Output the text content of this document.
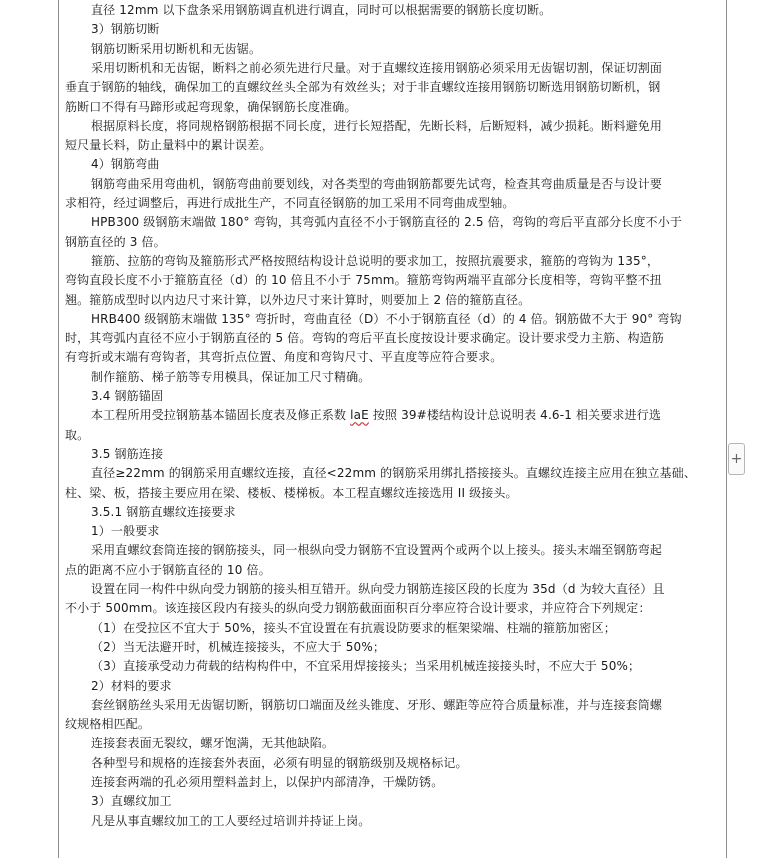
直径 12mm 以下盘条采用钢筋调直机进行调直，同时可以根据需要的钢筋长度切断。
3）钢筋切断
钢筋切断采用切断机和无齿锯。
采用切断机和无齿锯，断料之前必须先进行尺量。对于直螺纹连接用钢筋必须采用无齿锯切割，保证切割面
垂直于钢筋的轴线，确保加工的直螺纹丝头全部为有效丝头；对于非直螺纹连接用钢筋切断选用钢筋切断机，钢
筋断口不得有马蹄形或起弯现象，确保钢筋长度准确。
根据原料长度，将同规格钢筋根据不同长度，进行长短搭配，先断长料，后断短料，减少损耗。断料避免用
短尺量长料，防止量料中的累计误差。
4）钢筋弯曲
钢筋弯曲采用弯曲机，钢筋弯曲前要划线，对各类型的弯曲钢筋都要先试弯，检查其弯曲质量是否与设计要
求相符，经过调整后，再进行成批生产，不同直径钢筋的加工采用不同弯曲成型轴。
HPB300 级钢筋末端做 180° 弯钩，其弯弧内直径不小于钢筋直径的 2.5 倍，弯钩的弯后平直部分长度不小于
钢筋直径的 3 倍。
箍筋、拉筋的弯钩及箍筋形式严格按照结构设计总说明的要求加工，按照抗震要求，箍筋的弯钩为 135°，
弯钩直段长度不小于箍筋直径（d）的 10 倍且不小于 75mm。箍筋弯钩两端平直部分长度相等，弯钩平整不扭
翘。箍筋成型时以内边尺寸来计算，以外边尺寸来计算时，则要加上 2 倍的箍筋直径。
HRB400 级钢筋末端做 135° 弯折时，弯曲直径（D）不小于钢筋直径（d）的 4 倍。钢筋做不大于 90° 弯钩
时，其弯弧内直径不应小于钢筋直径的 5 倍。弯钩的弯后平直长度按设计要求确定。设计要求受力主筋、构造筋
有弯折或末端有弯钩者，其弯折点位置、角度和弯钩尺寸、平直度等应符合要求。
制作箍筋、梯子筋等专用模具，保证加工尺寸精确。
3.4 钢筋锚固
本工程所用受拉钢筋基本锚固长度表及修正系数 laE 按照 39#楼结构设计总说明表 4.6-1 相关要求进行选
取。
3.5 钢筋连接
直径≥22mm 的钢筋采用直螺纹连接，直径<22mm 的钢筋采用绑扎搭接接头。直螺纹连接主应用在独立基础、
柱、梁、板，搭接主要应用在梁、楼板、楼梯板。本工程直螺纹连接选用 II 级接头。
3.5.1 钢筋直螺纹连接要求
1）一般要求
采用直螺纹套筒连接的钢筋接头，同一根纵向受力钢筋不宜设置两个或两个以上接头。接头末端至钢筋弯起
点的距离不应小于钢筋直径的 10 倍。
设置在同一构件中纵向受力钢筋的接头相互错开。纵向受力钢筋连接区段的长度为 35d（d 为较大直径）且
不小于 500mm。该连接区段内有接头的纵向受力钢筋截面面积百分率应符合设计要求，并应符合下列规定：
（1）在受拉区不宜大于 50%，接头不宜设置在有抗震设防要求的框架梁端、柱端的箍筋加密区；
（2）当无法避开时，机械连接接头，不应大于 50%；
（3）直接承受动力荷载的结构构件中，不宜采用焊接接头；当采用机械连接接头时，不应大于 50%；
2）材料的要求
套丝钢筋丝头采用无齿锯切断，钢筋切口端面及丝头锥度、牙形、螺距等应符合质量标准，并与连接套筒螺
纹规格相匹配。
连接套表面无裂纹，螺牙饱满，无其他缺陷。
各种型号和规格的连接套外表面，必须有明显的钢筋级别及规格标记。
连接套两端的孔必须用塑料盖封上，以保护内部清净，干燥防锈。
3）直螺纹加工
凡是从事直螺纹加工的工人要经过培训并持证上岗。
+
